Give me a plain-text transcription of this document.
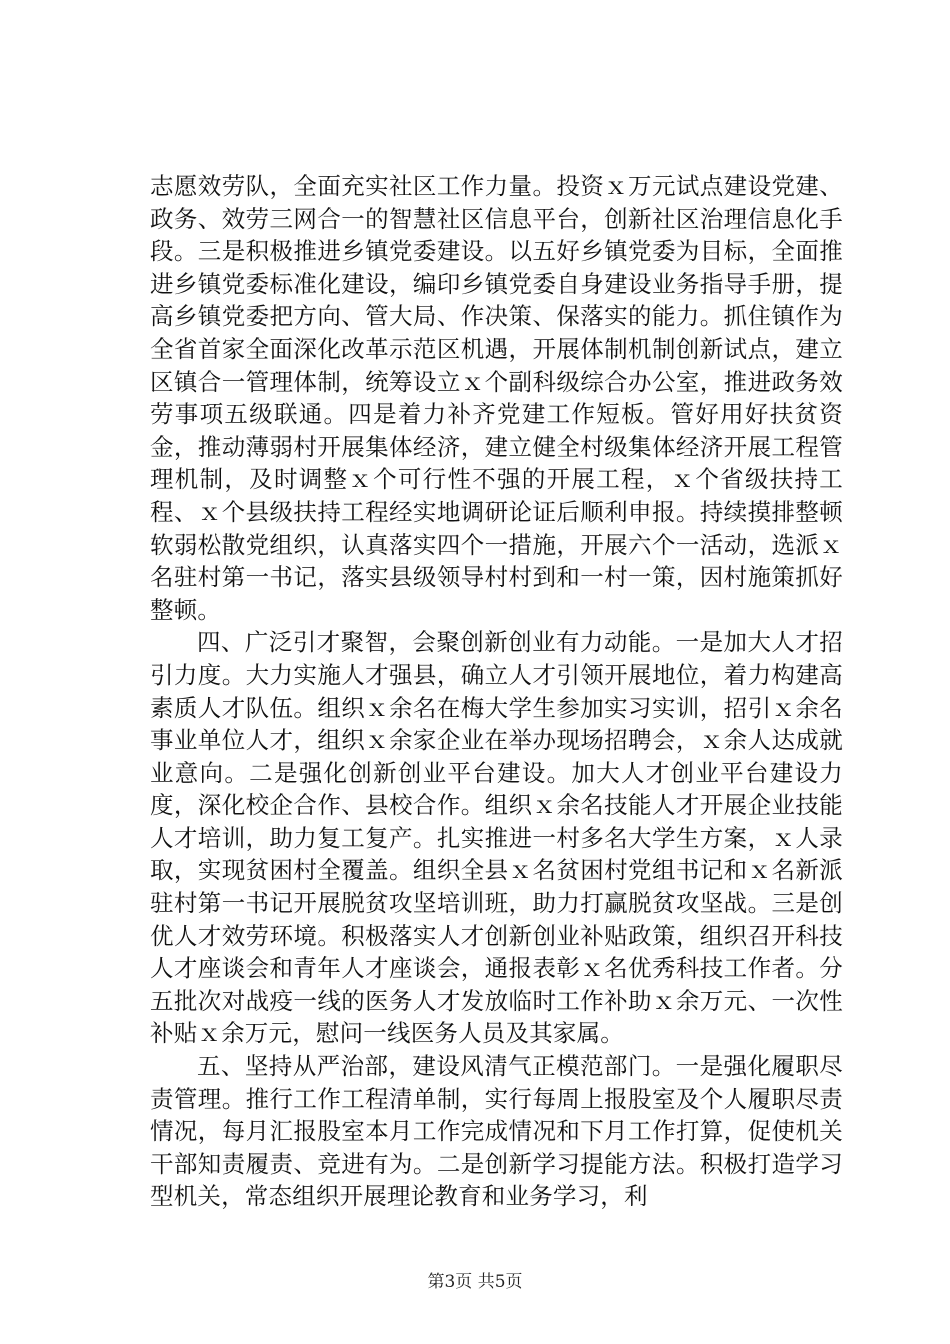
志愿效劳队，全面充实社区工作力量。投资ｘ万元试点建设党建、政务、效劳三网合一的智慧社区信息平台，创新社区治理信息化手段。三是积极推进乡镇党委建设。以五好乡镇党委为目标，全面推进乡镇党委标准化建设，编印乡镇党委自身建设业务指导手册，提高乡镇党委把方向、管大局、作决策、保落实的能力。抓住镇作为全省首家全面深化改革示范区机遇，开展体制机制创新试点，建立区镇合一管理体制，统筹设立ｘ个副科级综合办公室，推进政务效劳事项五级联通。四是着力补齐党建工作短板。管好用好扶贫资金，推动薄弱村开展集体经济，建立健全村级集体经济开展工程管理机制，及时调整ｘ个可行性不强的开展工程，ｘ个省级扶持工程、ｘ个县级扶持工程经实地调研论证后顺利申报。持续摸排整顿软弱松散党组织，认真落实四个一措施，开展六个一活动，选派ｘ名驻村第一书记，落实县级领导村村到和一村一策，因村施策抓好整顿。

四、广泛引才聚智，会聚创新创业有力动能。一是加大人才招引力度。大力实施人才强县，确立人才引领开展地位，着力构建高素质人才队伍。组织ｘ余名在梅大学生参加实习实训，招引ｘ余名事业单位人才，组织ｘ余家企业在举办现场招聘会，ｘ余人达成就业意向。二是强化创新创业平台建设。加大人才创业平台建设力度，深化校企合作、县校合作。组织ｘ余名技能人才开展企业技能人才培训，助力复工复产。扎实推进一村多名大学生方案，ｘ人录取，实现贫困村全覆盖。组织全县ｘ名贫困村党组书记和ｘ名新派驻村第一书记开展脱贫攻坚培训班，助力打赢脱贫攻坚战。三是创优人才效劳环境。积极落实人才创新创业补贴政策，组织召开科技人才座谈会和青年人才座谈会，通报表彰ｘ名优秀科技工作者。分五批次对战疫一线的医务人才发放临时工作补助ｘ余万元、一次性补贴ｘ余万元，慰问一线医务人员及其家属。

五、坚持从严治部，建设风清气正模范部门。一是强化履职尽责管理。推行工作工程清单制，实行每周上报股室及个人履职尽责情况，每月汇报股室本月工作完成情况和下月工作打算，促使机关干部知责履责、竞进有为。二是创新学习提能方法。积极打造学习型机关，常态组织开展理论教育和业务学习，利

第3页 共5页
